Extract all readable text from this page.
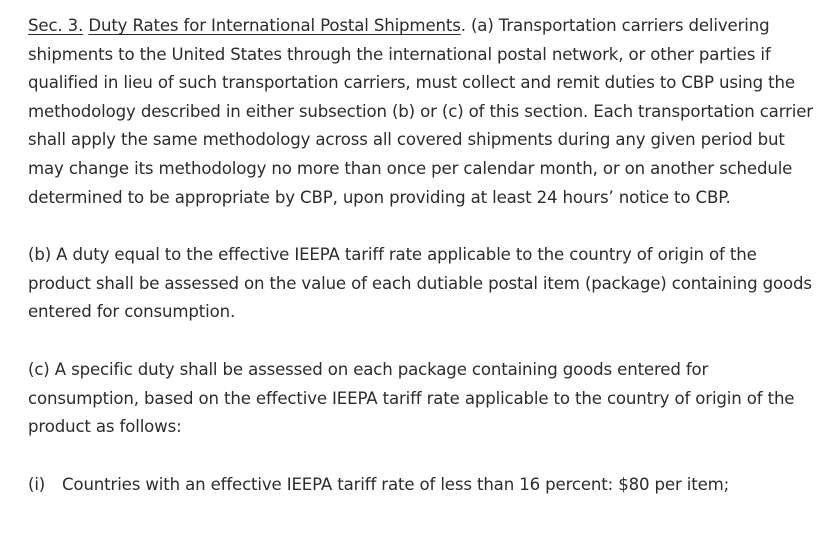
Sec. 3. Duty Rates for International Postal Shipments. (a) Transportation carriers delivering shipments to the United States through the international postal network, or other parties if qualified in lieu of such transportation carriers, must collect and remit duties to CBP using the methodology described in either subsection (b) or (c) of this section. Each transportation carrier shall apply the same methodology across all covered shipments during any given period but may change its methodology no more than once per calendar month, or on another schedule determined to be appropriate by CBP, upon providing at least 24 hours’ notice to CBP.

(b) A duty equal to the effective IEEPA tariff rate applicable to the country of origin of the product shall be assessed on the value of each dutiable postal item (package) containing goods entered for consumption.

(c) A specific duty shall be assessed on each package containing goods entered for consumption, based on the effective IEEPA tariff rate applicable to the country of origin of the product as follows:

(i) Countries with an effective IEEPA tariff rate of less than 16 percent: $80 per item;
